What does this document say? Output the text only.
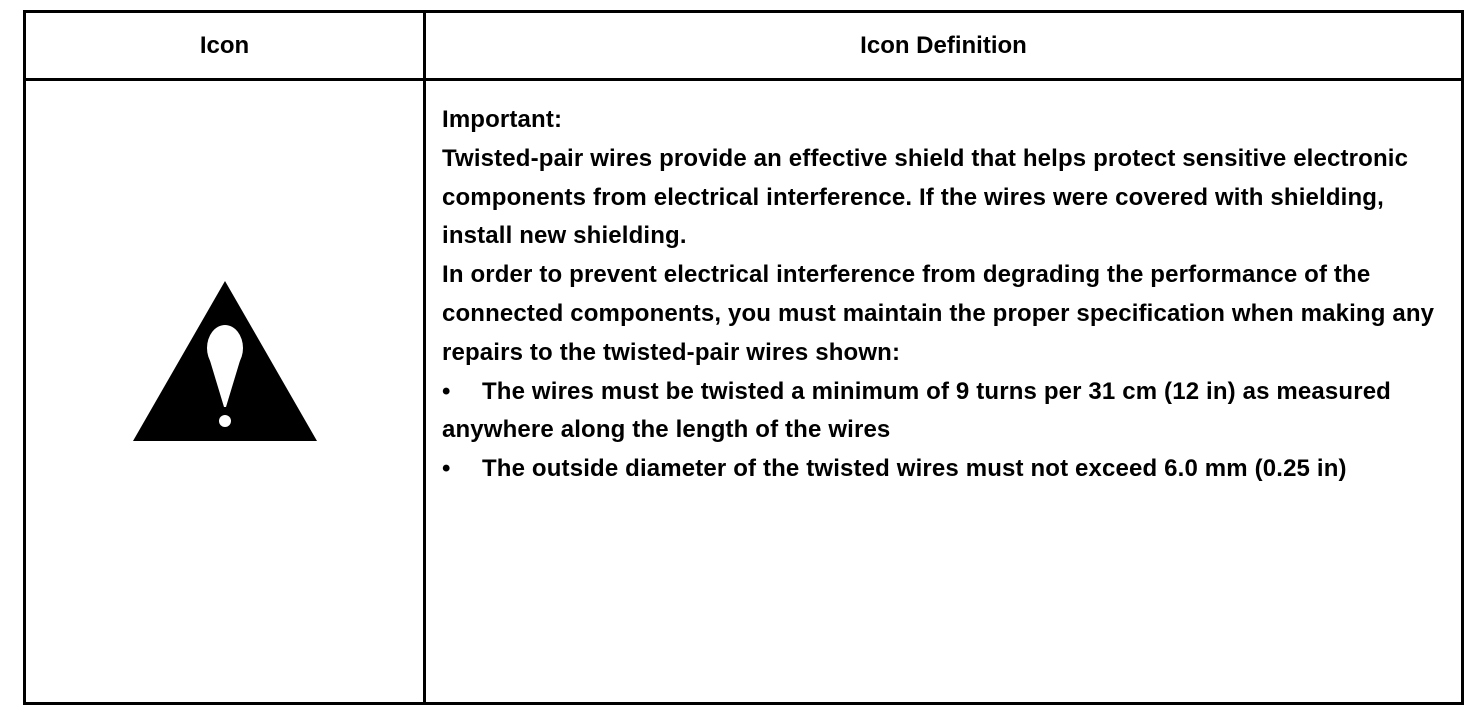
Icon	Icon Definition

Important:

Twisted-pair wires provide an effective shield that helps protect sensitive electronic components from electrical interference. If the wires were covered with shielding, install new shielding.

In order to prevent electrical interference from degrading the performance of the connected components, you must maintain the proper specification when making any repairs to the twisted-pair wires shown:

• The wires must be twisted a minimum of 9 turns per 31 cm (12 in) as measured anywhere along the length of the wires

• The outside diameter of the twisted wires must not exceed 6.0 mm (0.25 in)
